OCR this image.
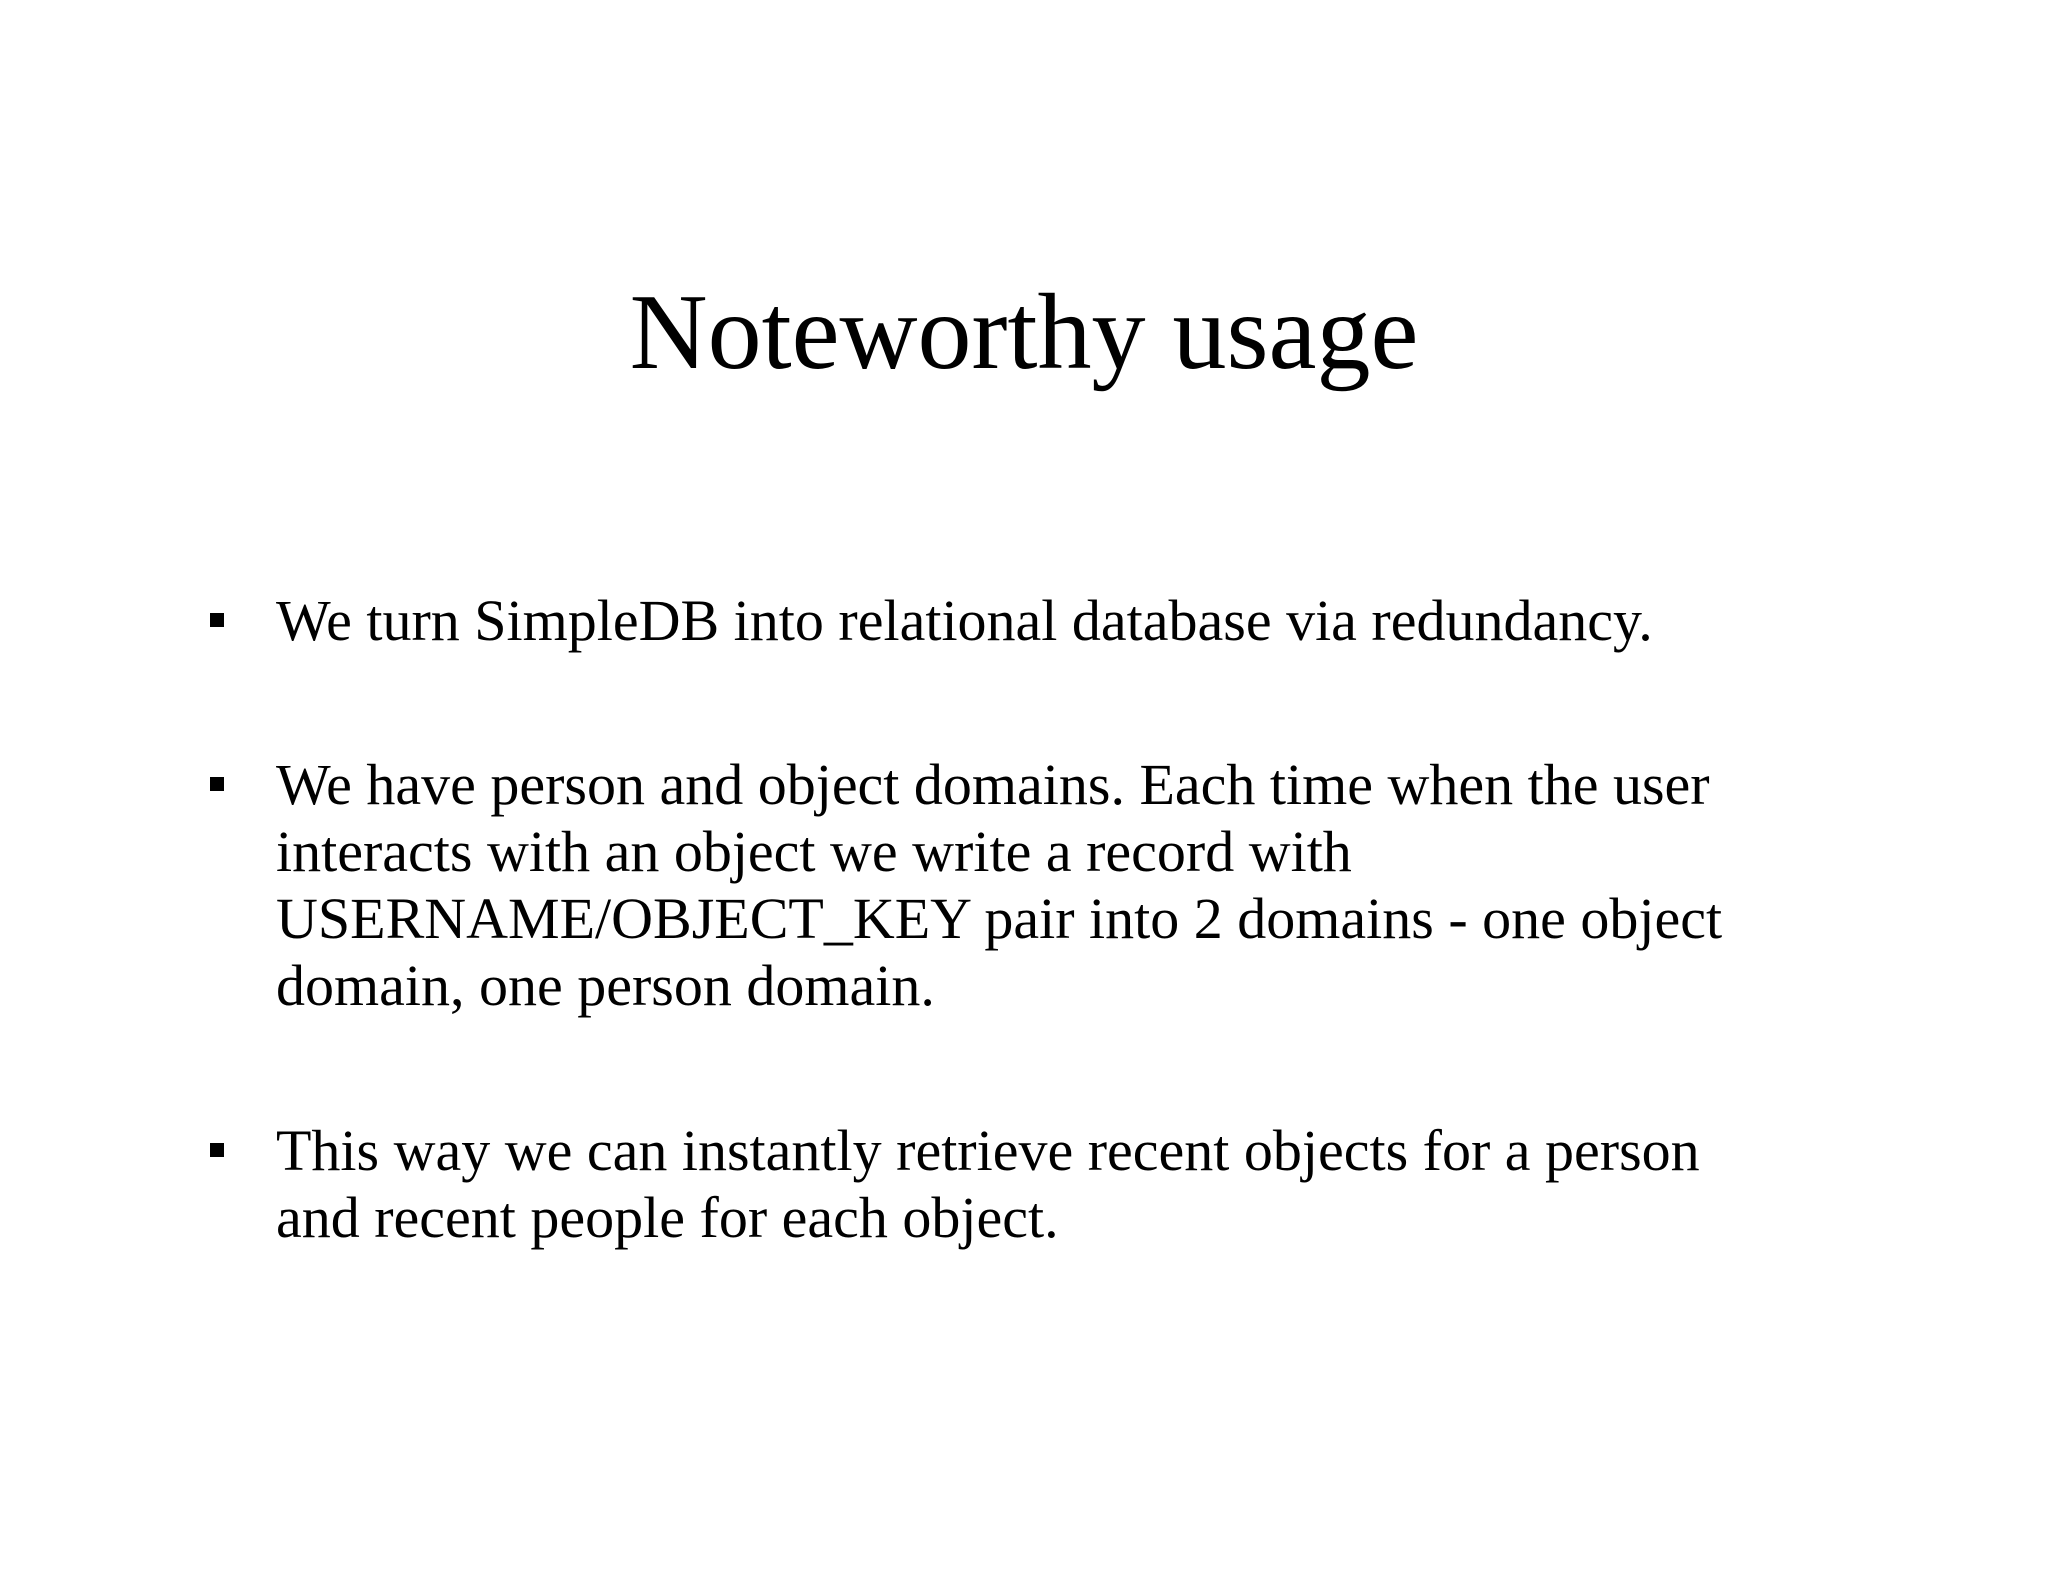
Noteworthy usage
We turn SimpleDB into relational database via redundancy.
We have person and object domains. Each time when the user
interacts with an object we write a record with
USERNAME/OBJECT_KEY pair into 2 domains - one object
domain, one person domain.
This way we can instantly retrieve recent objects for a person
and recent people for each object.
